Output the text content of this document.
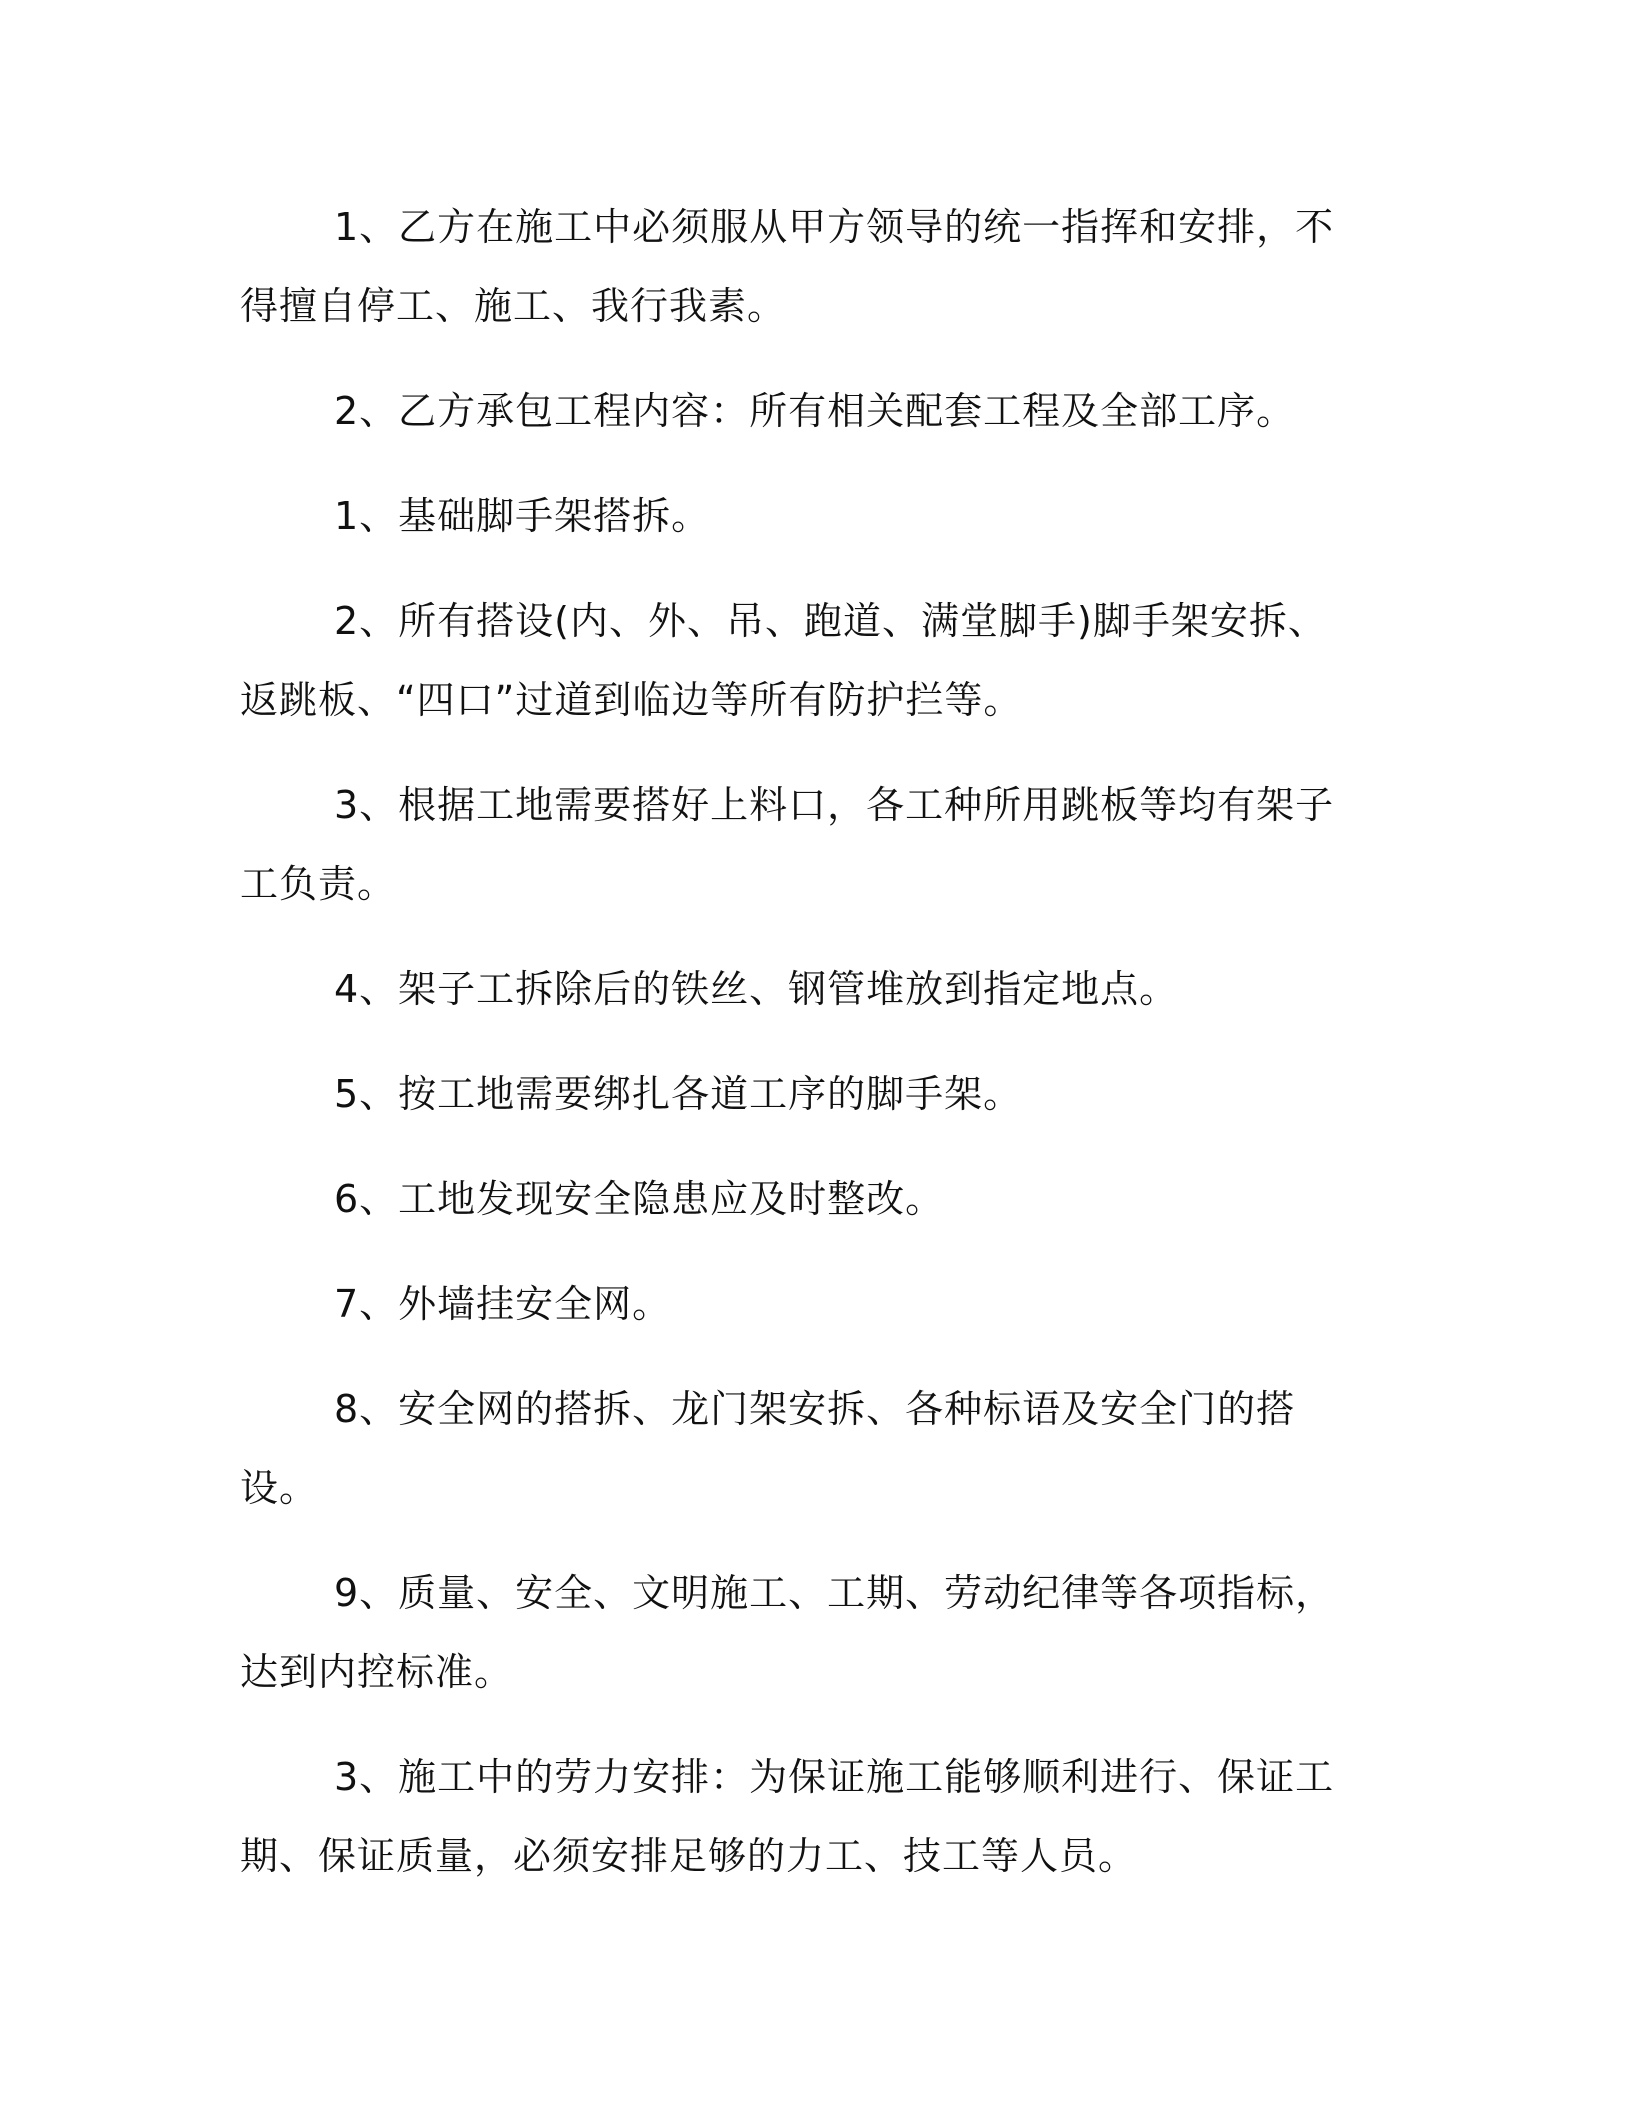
1、乙方在施工中必须服从甲方领导的统一指挥和安排，不得擅自停工、施工、我行我素。

2、乙方承包工程内容：所有相关配套工程及全部工序。

1、基础脚手架搭拆。

2、所有搭设(内、外、吊、跑道、满堂脚手)脚手架安拆、返跳板、“四口”过道到临边等所有防护拦等。

3、根据工地需要搭好上料口，各工种所用跳板等均有架子工负责。

4、架子工拆除后的铁丝、钢管堆放到指定地点。

5、按工地需要绑扎各道工序的脚手架。

6、工地发现安全隐患应及时整改。

7、外墙挂安全网。

8、安全网的搭拆、龙门架安拆、各种标语及安全门的搭设。

9、质量、安全、文明施工、工期、劳动纪律等各项指标，达到内控标准。

3、施工中的劳力安排：为保证施工能够顺利进行、保证工期、保证质量，必须安排足够的力工、技工等人员。
